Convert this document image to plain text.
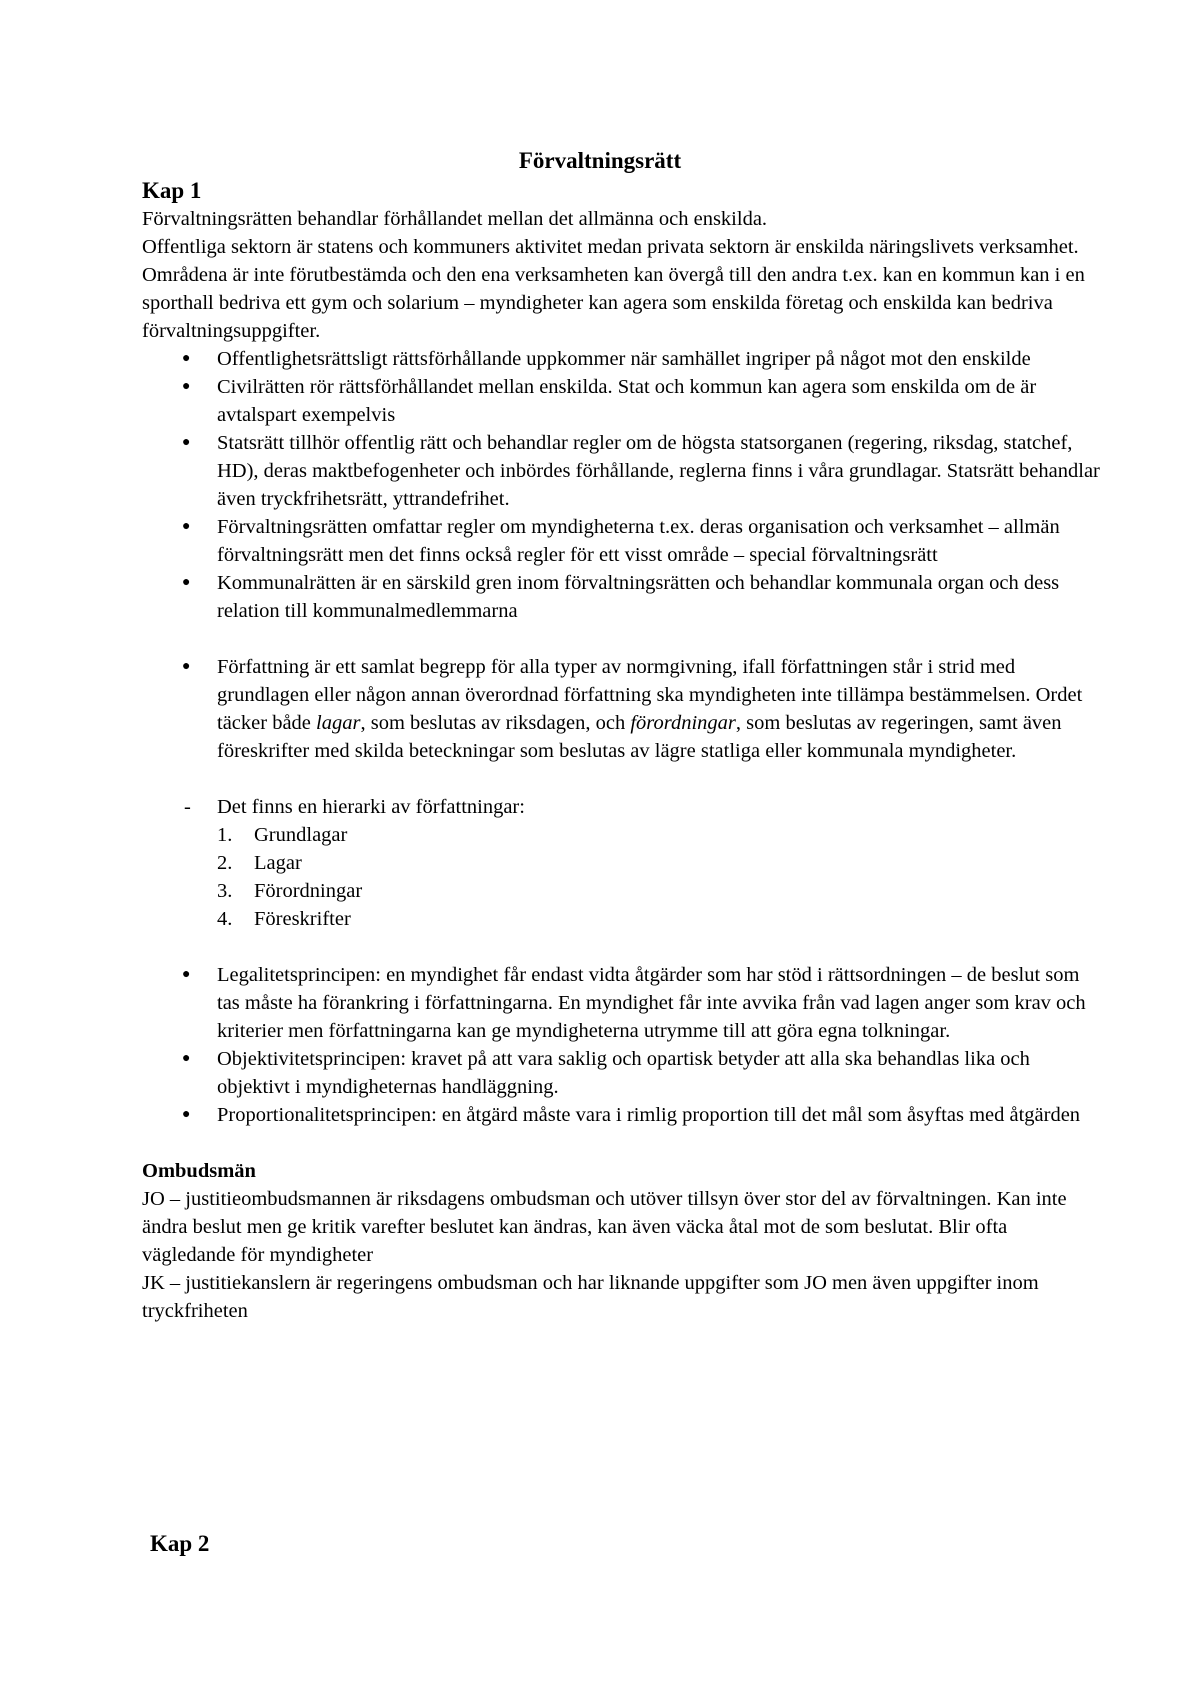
Förvaltningsrätt
Kap 1

Förvaltningsrätten behandlar förhållandet mellan det allmänna och enskilda.

Offentliga sektorn är statens och kommuners aktivitet medan privata sektorn är enskilda näringslivets verksamhet. Områdena är inte förutbestämda och den ena verksamheten kan övergå till den andra t.ex. kan en kommun kan i en sporthall bedriva ett gym och solarium – myndigheter kan agera som enskilda företag och enskilda kan bedriva förvaltningsuppgifter.

● Offentlighetsrättsligt rättsförhållande uppkommer när samhället ingriper på något mot den enskilde
● Civilrätten rör rättsförhållandet mellan enskilda. Stat och kommun kan agera som enskilda om de är avtalspart exempelvis
● Statsrätt tillhör offentlig rätt och behandlar regler om de högsta statsorganen (regering, riksdag, statchef, HD), deras maktbefogenheter och inbördes förhållande, reglerna finns i våra grundlagar. Statsrätt behandlar även tryckfrihetsrätt, yttrandefrihet.
● Förvaltningsrätten omfattar regler om myndigheterna t.ex. deras organisation och verksamhet – allmän förvaltningsrätt men det finns också regler för ett visst område – special förvaltningsrätt
● Kommunalrätten är en särskild gren inom förvaltningsrätten och behandlar kommunala organ och dess relation till kommunalmedlemmarna
● Författning är ett samlat begrepp för alla typer av normgivning, ifall författningen står i strid med grundlagen eller någon annan överordnad författning ska myndigheten inte tillämpa bestämmelsen. Ordet täcker både lagar, som beslutas av riksdagen, och förordningar, som beslutas av regeringen, samt även föreskrifter med skilda beteckningar som beslutas av lägre statliga eller kommunala myndigheter.
- Det finns en hierarki av författningar:
1. Grundlagar
2. Lagar
3. Förordningar
4. Föreskrifter
● Legalitetsprincipen: en myndighet får endast vidta åtgärder som har stöd i rättsordningen – de beslut som tas måste ha förankring i författningarna. En myndighet får inte avvika från vad lagen anger som krav och kriterier men författningarna kan ge myndigheterna utrymme till att göra egna tolkningar.
● Objektivitetsprincipen: kravet på att vara saklig och opartisk betyder att alla ska behandlas lika och objektivt i myndigheternas handläggning.
● Proportionalitetsprincipen: en åtgärd måste vara i rimlig proportion till det mål som åsyftas med åtgärden
Ombudsmän

JO – justitieombudsmannen är riksdagens ombudsman och utöver tillsyn över stor del av förvaltningen. Kan inte ändra beslut men ge kritik varefter beslutet kan ändras, kan även väcka åtal mot de som beslutat. Blir ofta vägledande för myndigheter

JK – justitiekanslern är regeringens ombudsman och har liknande uppgifter som JO men även uppgifter inom tryckfriheten

Kap 2
